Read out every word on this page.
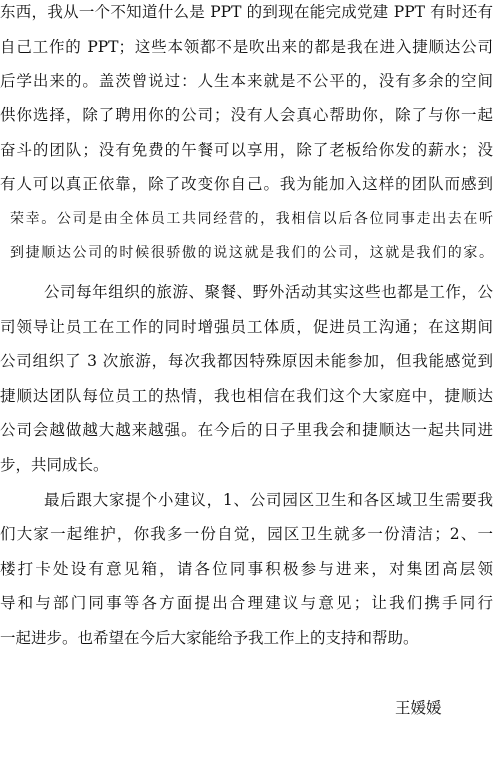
东西，我从一个不知道什么是 PPT 的到现在能完成党建 PPT 有时还有
自己工作的 PPT；这些本领都不是吹出来的都是我在进入捷顺达公司
后学出来的。盖茨曾说过：人生本来就是不公平的，没有多余的空间
供你选择，除了聘用你的公司；没有人会真心帮助你，除了与你一起
奋斗的团队；没有免费的午餐可以享用，除了老板给你发的薪水；没
有人可以真正依靠，除了改变你自己。我为能加入这样的团队而感到
荣幸。公司是由全体员工共同经营的，我相信以后各位同事走出去在听
到捷顺达公司的时候很骄傲的说这就是我们的公司，这就是我们的家。
公司每年组织的旅游、聚餐、野外活动其实这些也都是工作，公
司领导让员工在工作的同时增强员工体质，促进员工沟通；在这期间
公司组织了 3 次旅游，每次我都因特殊原因未能参加，但我能感觉到
捷顺达团队每位员工的热情，我也相信在我们这个大家庭中，捷顺达
公司会越做越大越来越强。在今后的日子里我会和捷顺达一起共同进
步，共同成长。
最后跟大家提个小建议，1、公司园区卫生和各区域卫生需要我
们大家一起维护，你我多一份自觉，园区卫生就多一份清洁；2、一
楼打卡处设有意见箱，请各位同事积极参与进来，对集团高层领
导和与部门同事等各方面提出合理建议与意见；让我们携手同行
一起进步。也希望在今后大家能给予我工作上的支持和帮助。
王媛媛
